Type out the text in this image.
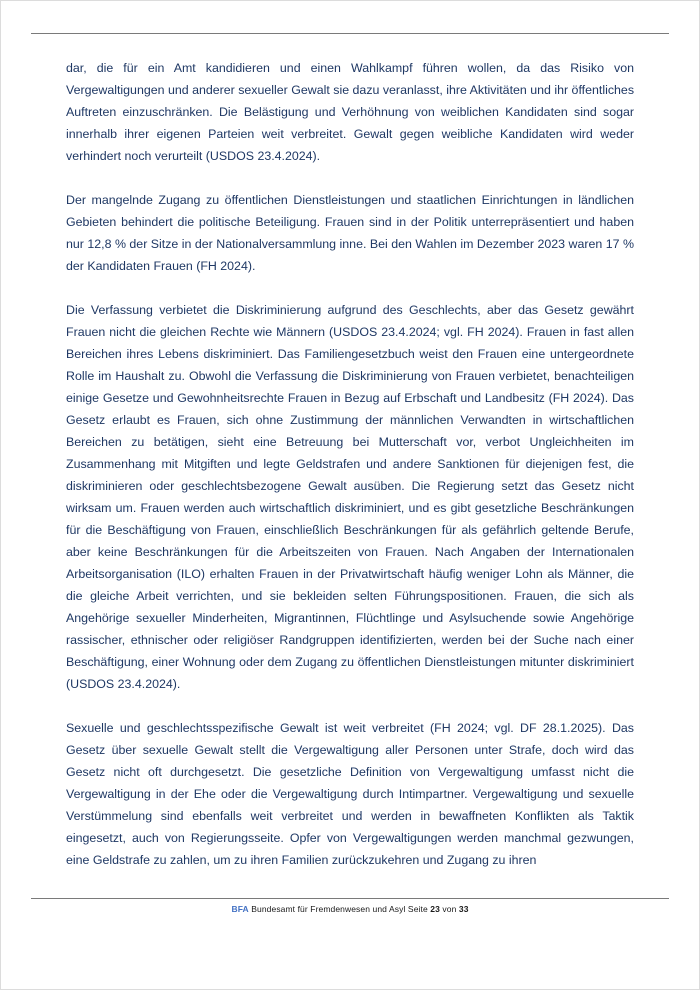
dar, die für ein Amt kandidieren und einen Wahlkampf führen wollen, da das Risiko von Vergewaltigungen und anderer sexueller Gewalt sie dazu veranlasst, ihre Aktivitäten und ihr öffentliches Auftreten einzuschränken. Die Belästigung und Verhöhnung von weiblichen Kandidaten sind sogar innerhalb ihrer eigenen Parteien weit verbreitet. Gewalt gegen weibliche Kandidaten wird weder verhindert noch verurteilt (USDOS 23.4.2024).

Der mangelnde Zugang zu öffentlichen Dienstleistungen und staatlichen Einrichtungen in ländlichen Gebieten behindert die politische Beteiligung. Frauen sind in der Politik unterrepräsentiert und haben nur 12,8 % der Sitze in der Nationalversammlung inne. Bei den Wahlen im Dezember 2023 waren 17 % der Kandidaten Frauen (FH 2024).

Die Verfassung verbietet die Diskriminierung aufgrund des Geschlechts, aber das Gesetz gewährt Frauen nicht die gleichen Rechte wie Männern (USDOS 23.4.2024; vgl. FH 2024). Frauen in fast allen Bereichen ihres Lebens diskriminiert. Das Familiengesetzbuch weist den Frauen eine untergeordnete Rolle im Haushalt zu. Obwohl die Verfassung die Diskriminierung von Frauen verbietet, benachteiligen einige Gesetze und Gewohnheitsrechte Frauen in Bezug auf Erbschaft und Landbesitz (FH 2024). Das Gesetz erlaubt es Frauen, sich ohne Zustimmung der männlichen Verwandten in wirtschaftlichen Bereichen zu betätigen, sieht eine Betreuung bei Mutterschaft vor, verbot Ungleichheiten im Zusammenhang mit Mitgiften und legte Geldstrafen und andere Sanktionen für diejenigen fest, die diskriminieren oder geschlechtsbezogene Gewalt ausüben. Die Regierung setzt das Gesetz nicht wirksam um. Frauen werden auch wirtschaftlich diskriminiert, und es gibt gesetzliche Beschränkungen für die Beschäftigung von Frauen, einschließlich Beschränkungen für als gefährlich geltende Berufe, aber keine Beschränkungen für die Arbeitszeiten von Frauen. Nach Angaben der Internationalen Arbeitsorganisation (ILO) erhalten Frauen in der Privatwirtschaft häufig weniger Lohn als Männer, die die gleiche Arbeit verrichten, und sie bekleiden selten Führungspositionen. Frauen, die sich als Angehörige sexueller Minderheiten, Migrantinnen, Flüchtlinge und Asylsuchende sowie Angehörige rassischer, ethnischer oder religiöser Randgruppen identifizierten, werden bei der Suche nach einer Beschäftigung, einer Wohnung oder dem Zugang zu öffentlichen Dienstleistungen mitunter diskriminiert (USDOS 23.4.2024).

Sexuelle und geschlechtsspezifische Gewalt ist weit verbreitet (FH 2024; vgl. DF 28.1.2025). Das Gesetz über sexuelle Gewalt stellt die Vergewaltigung aller Personen unter Strafe, doch wird das Gesetz nicht oft durchgesetzt. Die gesetzliche Definition von Vergewaltigung umfasst nicht die Vergewaltigung in der Ehe oder die Vergewaltigung durch Intimpartner. Vergewaltigung und sexuelle Verstümmelung sind ebenfalls weit verbreitet und werden in bewaffneten Konflikten als Taktik eingesetzt, auch von Regierungsseite. Opfer von Vergewaltigungen werden manchmal gezwungen, eine Geldstrafe zu zahlen, um zu ihren Familien zurückzukehren und Zugang zu ihren

BFA Bundesamt für Fremdenwesen und Asyl Seite 23 von 33
